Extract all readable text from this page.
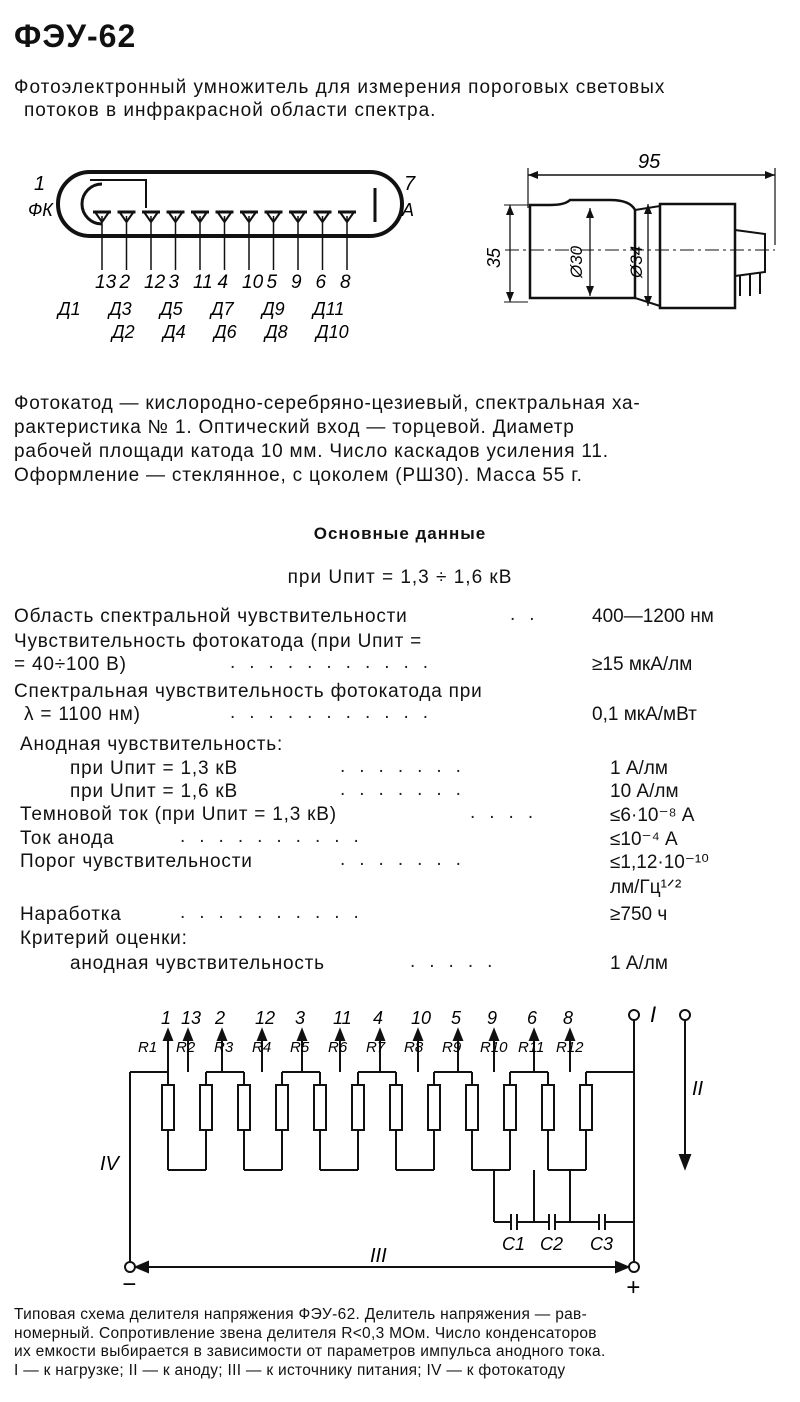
ФЭУ-62
Фотоэлектронный умножитель для измерения пороговых световых
потоков в инфракрасной области спектра.
1
ФК
7
А
13 2 12 3 11 4 10 5 9 6 8
Д1 Д3 Д5 Д7 Д9 Д11
Д2 Д4 Д6 Д8 Д10
95
35	Ø30 Ø34
Фотокатод — кислородно-серебряно-цезиевый, спектральная ха-
рактеристика № 1. Оптический вход — торцевой. Диаметр
рабочей площади катода 10 мм. Число каскадов усиления 11.
Оформление — стеклянное, с цоколем (РШ30). Масса 55 г.
Основные данные
при Uпит = 1,3 ÷ 1,6 кВ
Область спектральной чувствительности	.. 400—1200 нм
Чувствительность фотокатода (при Uпит =
= 40÷100 В)	...........	≥15 мкА/лм
Спектральная чувствительность фотокатода при
λ = 1100 нм)	...........	0,1 мкА/мВт
Анодная чувствительность:
при Uпит = 1,3 кВ	.......	1 А/лм
при Uпит = 1,6 кВ	.......	10 А/лм
Темновой ток (при Uпит = 1,3 кВ)	....	≤6·10⁻⁸ А
Ток анода	..........	≤10⁻⁴ А
Порог чувствительности	.......	≤1,12·10⁻¹⁰
лм/Гц¹ᐟ²
Наработка	..........	≥750 ч
Критерий оценки:
анодная чувствительность	.....	1 А/лм
R1 R2 R3 R4 R5 R6 R7 R8 R9 R10 R11 R12
1 13 2 12 3 11 4 10 5 9 6 8
C1 C2 C3
I
II
IV
III
−	+
Типовая схема делителя напряжения ФЭУ-62. Делитель напряжения — рав-
номерный. Сопротивление звена делителя R<0,3 МОм. Число конденсаторов
их емкости выбирается в зависимости от параметров импульса анодного тока.
I — к нагрузке; II — к аноду; III — к источнику питания; IV — к фотокатоду
